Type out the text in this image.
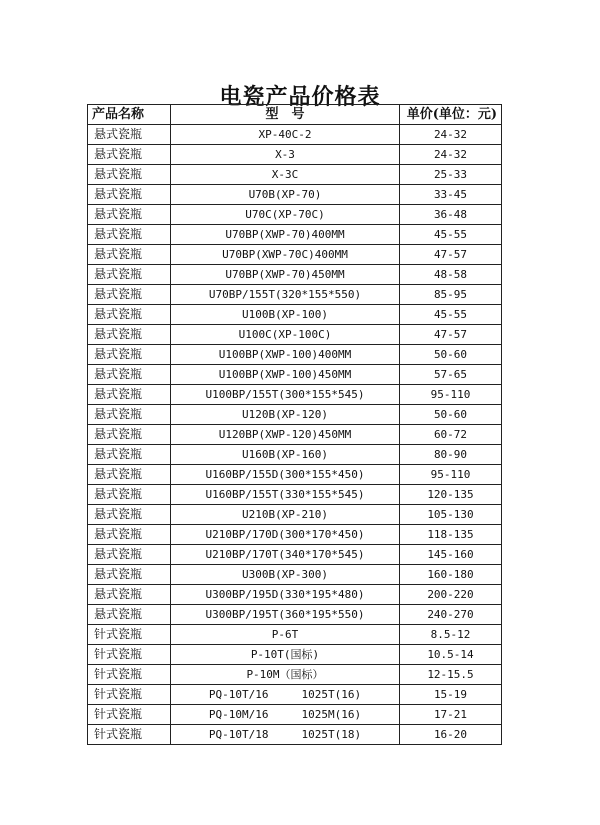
电瓷产品价格表
产品名称	型　号	单价(单位：元)
悬式瓷瓶	XP-40C-2	24-32
悬式瓷瓶	X-3	24-32
悬式瓷瓶	X-3C	25-33
悬式瓷瓶	U70B(XP-70)	33-45
悬式瓷瓶	U70C(XP-70C)	36-48
悬式瓷瓶	U70BP(XWP-70)400MM	45-55
悬式瓷瓶	U70BP(XWP-70C)400MM	47-57
悬式瓷瓶	U70BP(XWP-70)450MM	48-58
悬式瓷瓶	U70BP/155T(320*155*550)	85-95
悬式瓷瓶	U100B(XP-100)	45-55
悬式瓷瓶	U100C(XP-100C)	47-57
悬式瓷瓶	U100BP(XWP-100)400MM	50-60
悬式瓷瓶	U100BP(XWP-100)450MM	57-65
悬式瓷瓶	U100BP/155T(300*155*545)	95-110
悬式瓷瓶	U120B(XP-120)	50-60
悬式瓷瓶	U120BP(XWP-120)450MM	60-72
悬式瓷瓶	U160B(XP-160)	80-90
悬式瓷瓶	U160BP/155D(300*155*450)	95-110
悬式瓷瓶	U160BP/155T(330*155*545)	120-135
悬式瓷瓶	U210B(XP-210)	105-130
悬式瓷瓶	U210BP/170D(300*170*450)	118-135
悬式瓷瓶	U210BP/170T(340*170*545)	145-160
悬式瓷瓶	U300B(XP-300)	160-180
悬式瓷瓶	U300BP/195D(330*195*480)	200-220
悬式瓷瓶	U300BP/195T(360*195*550)	240-270
针式瓷瓶	P-6T	8.5-12
针式瓷瓶	P-10T(国标)	10.5-14
针式瓷瓶	P-10M（国标）	12-15.5
针式瓷瓶	PQ-10T/16　　　1025T(16)	15-19
针式瓷瓶	PQ-10M/16　　　1025M(16)	17-21
针式瓷瓶	PQ-10T/18　　　1025T(18)	16-20
